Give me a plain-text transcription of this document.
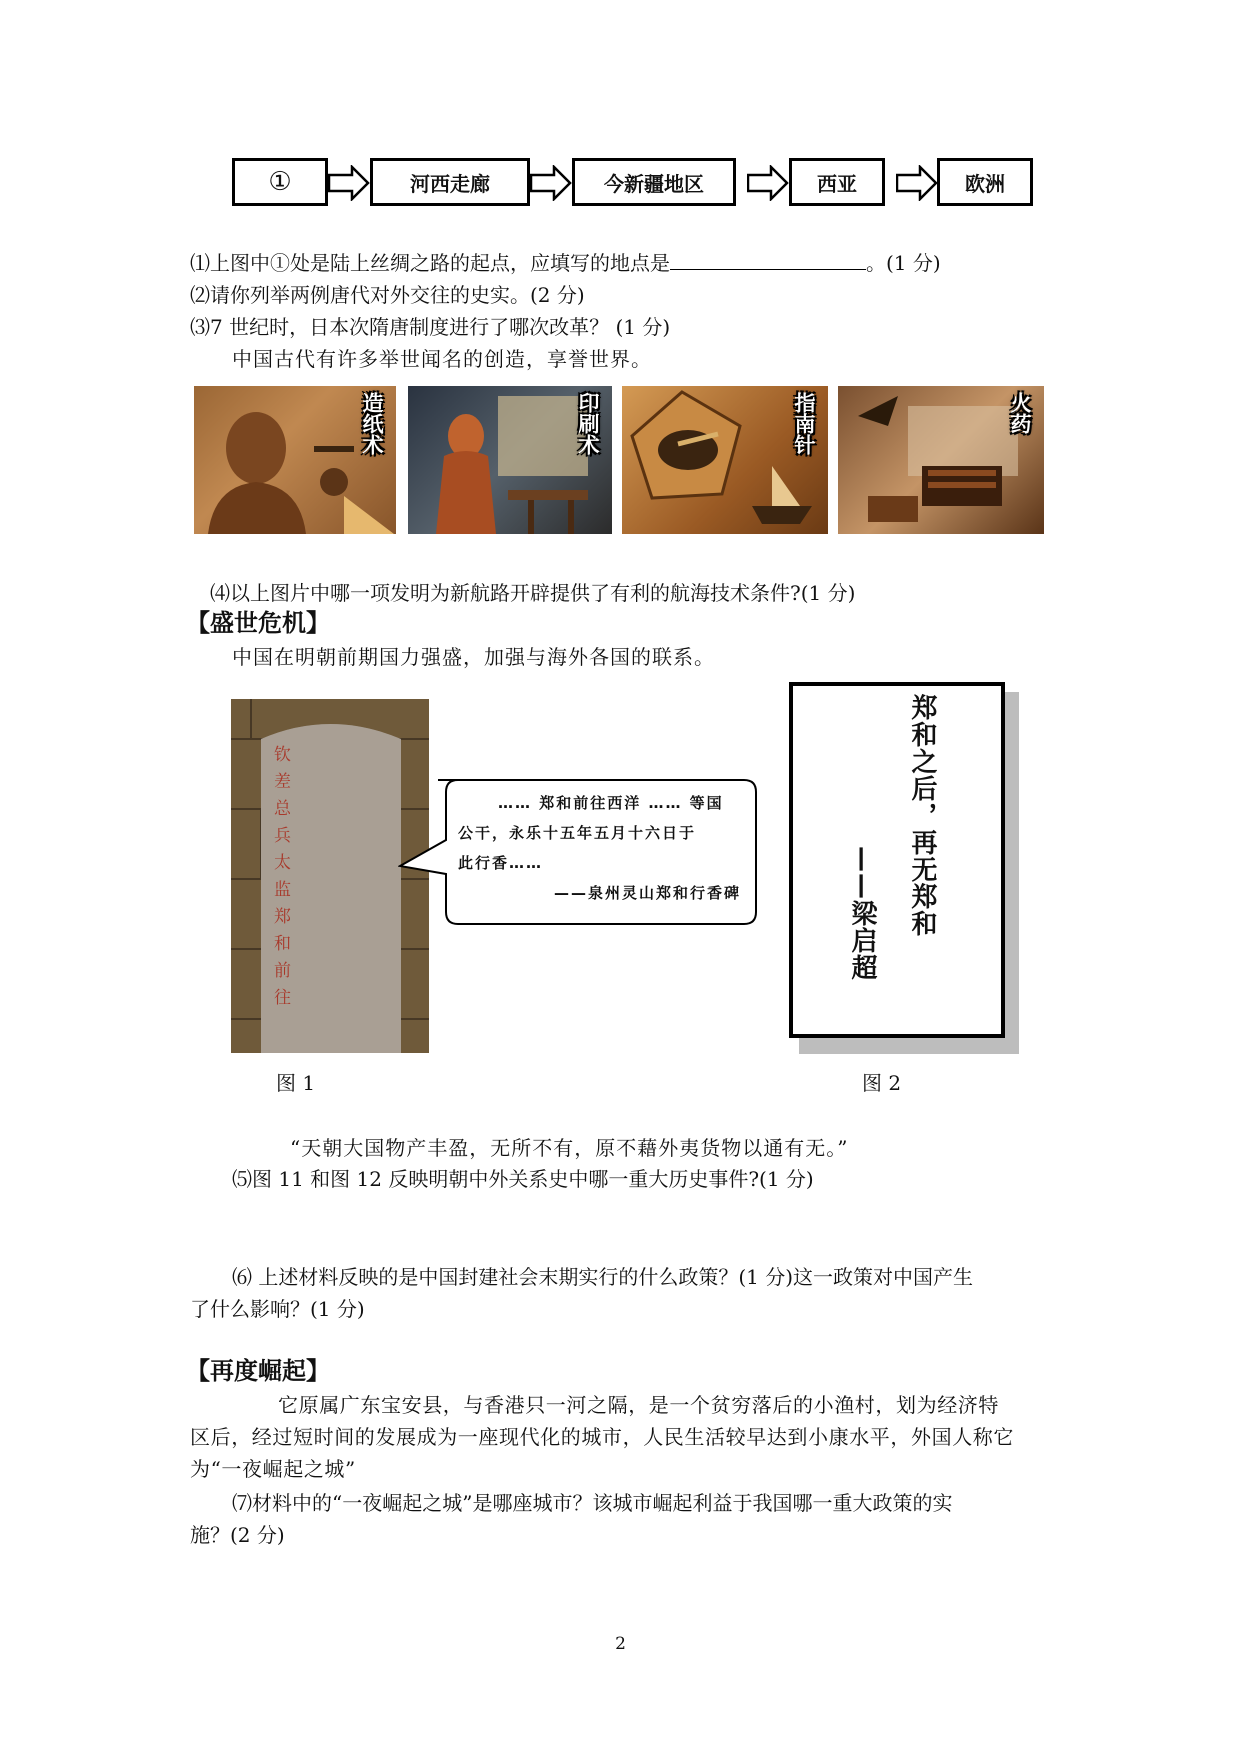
①	河西走廊	今新疆地区	西亚	欧洲
⑴上图中①处是陆上丝绸之路的起点，应填写的地点是	。(1 分)
⑵请你列举两例唐代对外交往的史实。(2 分)
⑶7 世纪时，日本次隋唐制度进行了哪次改革？ (1 分)
中国古代有许多举世闻名的创造，享誉世界。
造纸术	印刷术	指南针	火药
⑷以上图片中哪一项发明为新航路开辟提供了有利的航海技术条件?(1 分)
【盛世危机】
中国在明朝前期国力强盛，加强与海外各国的联系。
钦差总兵太监郑和前往
…… 郑和前往西洋 …… 等国
公干，永乐十五年五月十六日于
此行香……
——泉州灵山郑和行香碑	郑和之后，再无郑和
——梁启超
图 1	图 2
“天朝大国物产丰盈，无所不有，原不藉外夷货物以通有无。”
⑸图 11 和图 12 反映明朝中外关系史中哪一重大历史事件?(1 分)
⑹ 上述材料反映的是中国封建社会末期实行的什么政策？(1 分)这一政策对中国产生
了什么影响？(1 分)
【再度崛起】
它原属广东宝安县，与香港只一河之隔，是一个贫穷落后的小渔村，划为经济特
区后，经过短时间的发展成为一座现代化的城市，人民生活较早达到小康水平，外国人称它
为“一夜崛起之城”
⑺材料中的“一夜崛起之城”是哪座城市？该城市崛起利益于我国哪一重大政策的实
施？(2 分)
2
